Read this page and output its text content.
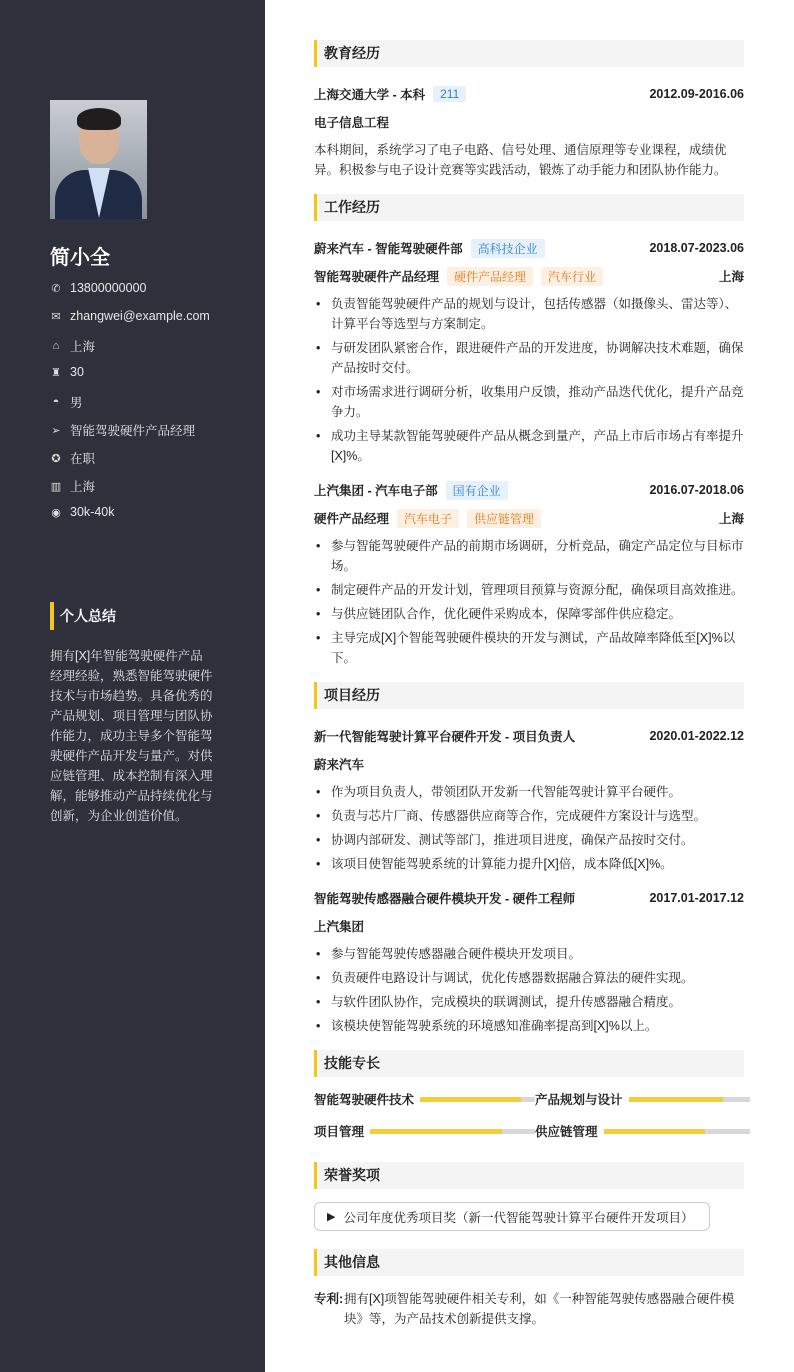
简小全
✆ 13800000000
✉ zhangwei@example.com
⌂ 上海
♜ 30
◓ 男
➢ 智能驾驶硬件产品经理
✪ 在职
▥ 上海
◉ 30k-40k
个人总结
拥有[X]年智能驾驶硬件产品经理经验，熟悉智能驾驶硬件技术与市场趋势。具备优秀的产品规划、项目管理与团队协作能力，成功主导多个智能驾驶硬件产品开发与量产。对供应链管理、成本控制有深入理解，能够推动产品持续优化与创新，为企业创造价值。
教育经历
上海交通大学 - 本科	211	2012.09-2016.06
电子信息工程

本科期间，系统学习了电子电路、信号处理、通信原理等专业课程，成绩优异。积极参与电子设计竞赛等实践活动，锻炼了动手能力和团队协作能力。

工作经历
蔚来汽车 - 智能驾驶硬件部	高科技企业	2018.07-2023.06
智能驾驶硬件产品经理	硬件产品经理	汽车行业	上海
• 负责智能驾驶硬件产品的规划与设计，包括传感器（如摄像头、雷达等）、计算平台等选型与方案制定。
• 与研发团队紧密合作，跟进硬件产品的开发进度，协调解决技术难题，确保产品按时交付。
• 对市场需求进行调研分析，收集用户反馈，推动产品迭代优化，提升产品竞争力。
• 成功主导某款智能驾驶硬件产品从概念到量产，产品上市后市场占有率提升[X]%。
上汽集团 - 汽车电子部	国有企业	2016.07-2018.06
硬件产品经理	汽车电子	供应链管理	上海
• 参与智能驾驶硬件产品的前期市场调研，分析竞品，确定产品定位与目标市场。
• 制定硬件产品的开发计划，管理项目预算与资源分配，确保项目高效推进。
• 与供应链团队合作，优化硬件采购成本，保障零部件供应稳定。
• 主导完成[X]个智能驾驶硬件模块的开发与测试，产品故障率降低至[X]%以下。
项目经历
新一代智能驾驶计算平台硬件开发 - 项目负责人	2020.01-2022.12
蔚来汽车
• 作为项目负责人，带领团队开发新一代智能驾驶计算平台硬件。
• 负责与芯片厂商、传感器供应商等合作，完成硬件方案设计与选型。
• 协调内部研发、测试等部门，推进项目进度，确保产品按时交付。
• 该项目使智能驾驶系统的计算能力提升[X]倍，成本降低[X]%。
智能驾驶传感器融合硬件模块开发 - 硬件工程师	2017.01-2017.12
上汽集团
• 参与智能驾驶传感器融合硬件模块开发项目。
• 负责硬件电路设计与调试，优化传感器数据融合算法的硬件实现。
• 与软件团队协作，完成模块的联调测试，提升传感器融合精度。
• 该模块使智能驾驶系统的环境感知准确率提高到[X]%以上。
技能专长
智能驾驶硬件技术	产品规划与设计
项目管理	供应链管理
荣誉奖项
▶ 公司年度优秀项目奖（新一代智能驾驶计算平台硬件开发项目）
其他信息
专利: 拥有[X]项智能驾驶硬件相关专利，如《一种智能驾驶传感器融合硬件模块》等，为产品技术创新提供支撑。
